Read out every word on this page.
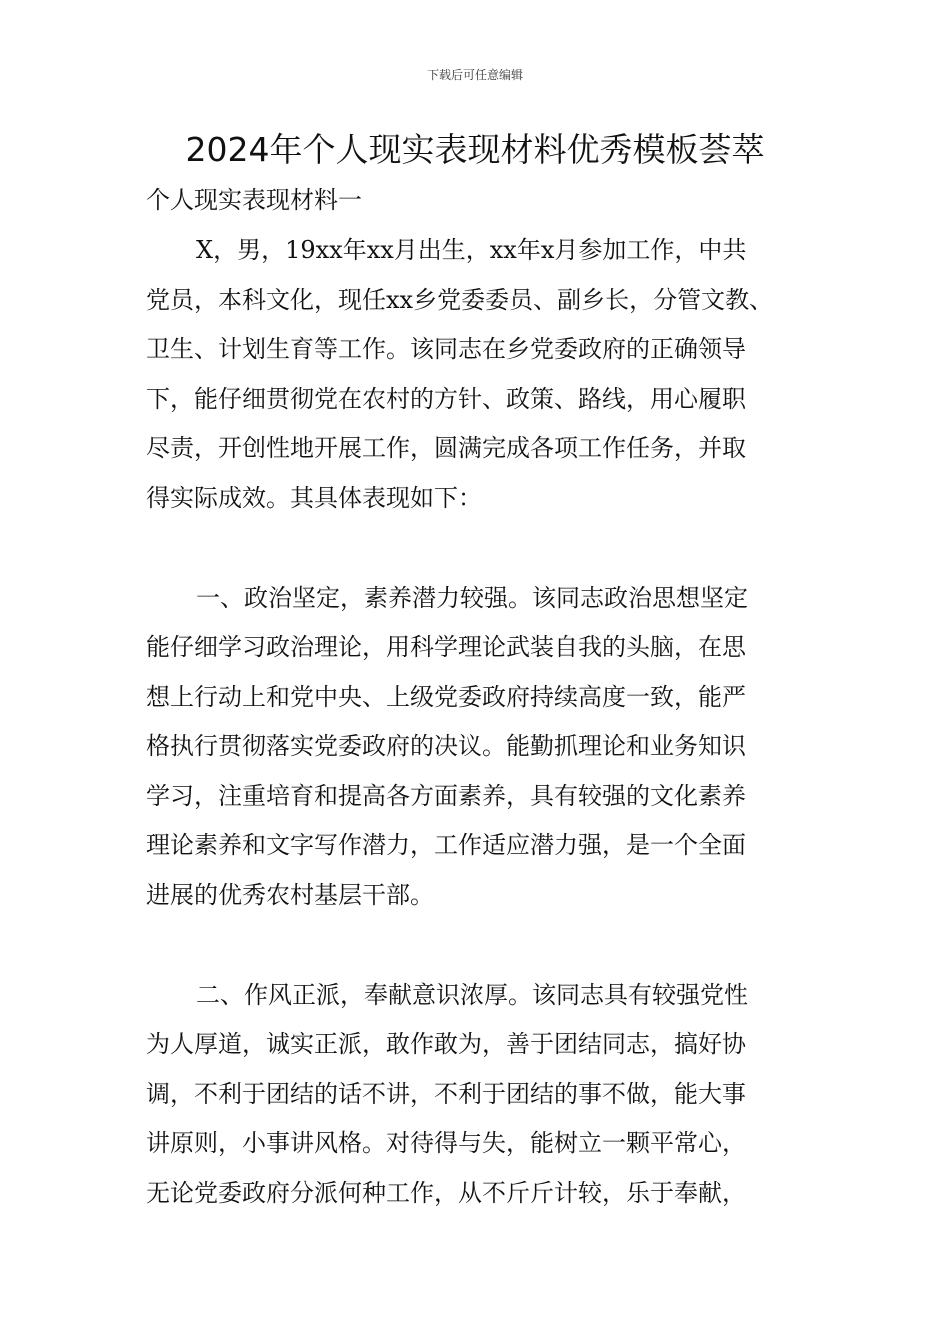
下载后可任意编辑
2024年个人现实表现材料优秀模板荟萃
个人现实表现材料一
X，男，19xx年xx月出生，xx年x月参加工作，中共
党员，本科文化，现任xx乡党委委员、副乡长，分管文教、
卫生、计划生育等工作。该同志在乡党委政府的正确领导
下，能仔细贯彻党在农村的方针、政策、路线，用心履职
尽责，开创性地开展工作，圆满完成各项工作任务，并取
得实际成效。其具体表现如下：
一、政治坚定，素养潜力较强。该同志政治思想坚定
能仔细学习政治理论，用科学理论武装自我的头脑，在思
想上行动上和党中央、上级党委政府持续高度一致，能严
格执行贯彻落实党委政府的决议。能勤抓理论和业务知识
学习，注重培育和提高各方面素养，具有较强的文化素养
理论素养和文字写作潜力，工作适应潜力强，是一个全面
进展的优秀农村基层干部。
二、作风正派，奉献意识浓厚。该同志具有较强党性
为人厚道，诚实正派，敢作敢为，善于团结同志，搞好协
调，不利于团结的话不讲，不利于团结的事不做，能大事
讲原则，小事讲风格。对待得与失，能树立一颗平常心，
无论党委政府分派何种工作，从不斤斤计较，乐于奉献，
